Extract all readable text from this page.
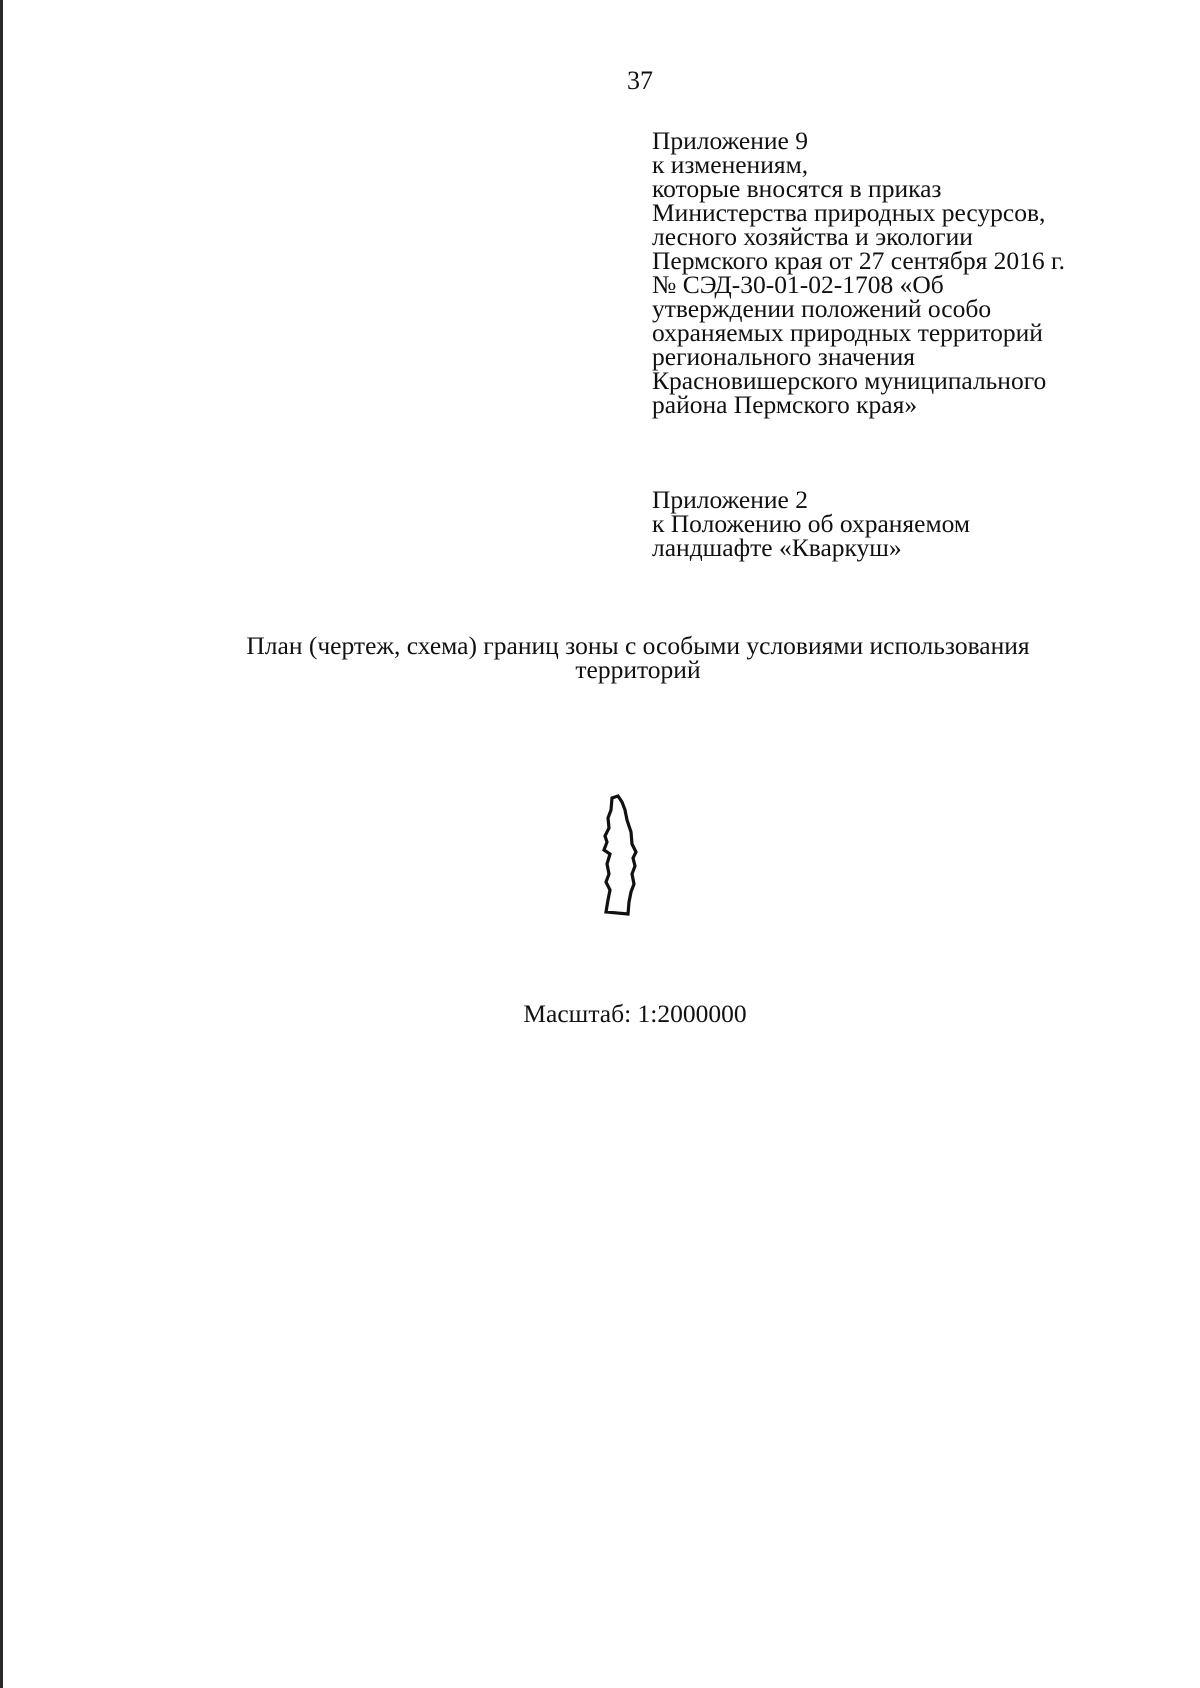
37
Приложение 9
к изменениям,
которые вносятся в приказ
Министерства природных ресурсов,
лесного хозяйства и экологии
Пермского края от 27 сентября 2016 г.
№ СЭД-30-01-02-1708 «Об
утверждении положений особо
охраняемых природных территорий
регионального значения
Красновишерского муниципального
района Пермского края»
Приложение 2
к Положению об охраняемом
ландшафте «Кваркуш»
План (чертеж, схема) границ зоны с особыми условиями использования
территорий
Масштаб: 1:2000000
